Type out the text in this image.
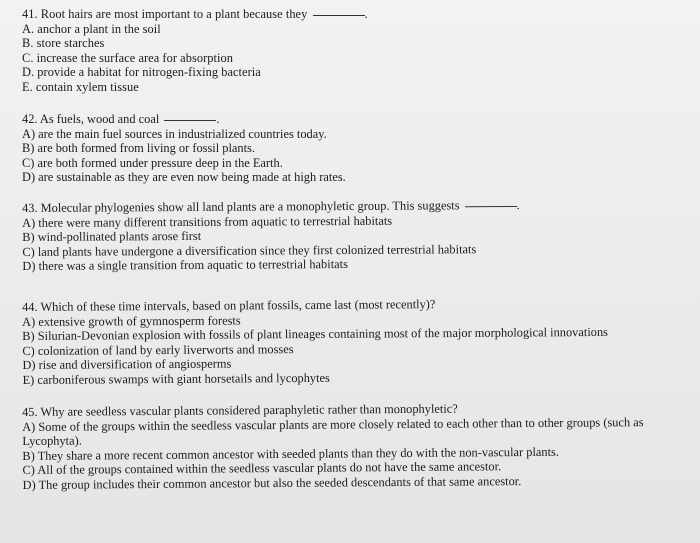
41. Root hairs are most important to a plant because they	.
A. anchor a plant in the soil
B. store starches
C. increase the surface area for absorption
D. provide a habitat for nitrogen-fixing bacteria
E. contain xylem tissue
42. As fuels, wood and coal	.
A) are the main fuel sources in industrialized countries today.
B) are both formed from living or fossil plants.
C) are both formed under pressure deep in the Earth.
D) are sustainable as they are even now being made at high rates.
43. Molecular phylogenies show all land plants are a monophyletic group. This suggests	.
A) there were many different transitions from aquatic to terrestrial habitats
B) wind-pollinated plants arose first
C) land plants have undergone a diversification since they first colonized terrestrial habitats
D) there was a single transition from aquatic to terrestrial habitats
44. Which of these time intervals, based on plant fossils, came last (most recently)?
A) extensive growth of gymnosperm forests
B) Silurian-Devonian explosion with fossils of plant lineages containing most of the major morphological innovations
C) colonization of land by early liverworts and mosses
D) rise and diversification of angiosperms
E) carboniferous swamps with giant horsetails and lycophytes
45. Why are seedless vascular plants considered paraphyletic rather than monophyletic?
A) Some of the groups within the seedless vascular plants are more closely related to each other than to other groups (such as Lycophyta).
B) They share a more recent common ancestor with seeded plants than they do with the non-vascular plants.
C) All of the groups contained within the seedless vascular plants do not have the same ancestor.
D) The group includes their common ancestor but also the seeded descendants of that same ancestor.
